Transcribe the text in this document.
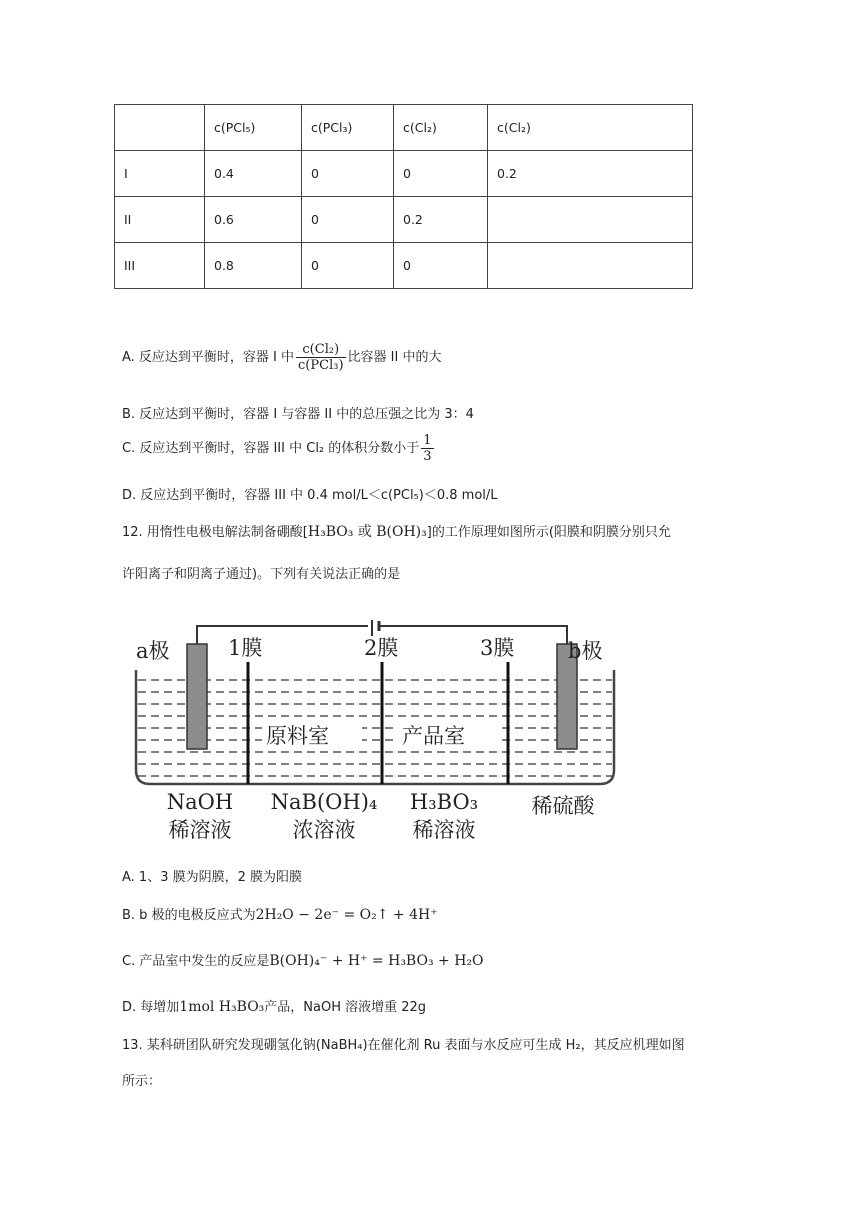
	c(PCl₅)	c(PCl₃)	c(Cl₂)	c(Cl₂)
I	0.4	0	0	0.2
II	0.6	0	0.2	
III	0.8	0	0	
A. 反应达到平衡时，容器 I 中 $\frac{\text{c(Cl₂)}}{\text{c(PCl₃)}}$ 比容器 II 中的大
B. 反应达到平衡时，容器 I 与容器 II 中的总压强之比为 3：4
C. 反应达到平衡时，容器 III 中 Cl₂ 的体积分数小于 $\frac{1}{3}$
D. 反应达到平衡时，容器 III 中 0.4 mol/L＜c(PCl₅)＜0.8 mol/L
12. 用惰性电极电解法制备硼酸[H₃BO₃ 或 B(OH)₃]的工作原理如图所示(阳膜和阴膜分别只允
许阳离子和阴离子通过)。下列有关说法正确的是
a极	1膜	2膜	3膜	b极
原料室	产品室
NaOH
稀溶液
NaB(OH)₄
浓溶液
H₃BO₃
稀溶液
稀硫酸
A. 1、3 膜为阴膜，2 膜为阳膜
B. b 极的电极反应式为2H₂O − 2e⁻ = O₂↑ + 4H⁺
C. 产品室中发生的反应是B(OH)₄⁻ + H⁺ = H₃BO₃ + H₂O
D. 每增加1mol H₃BO₃产品，NaOH 溶液增重 22g
13. 某科研团队研究发现硼氢化钠(NaBH₄)在催化剂 Ru 表面与水反应可生成 H₂，其反应机理如图
所示：
